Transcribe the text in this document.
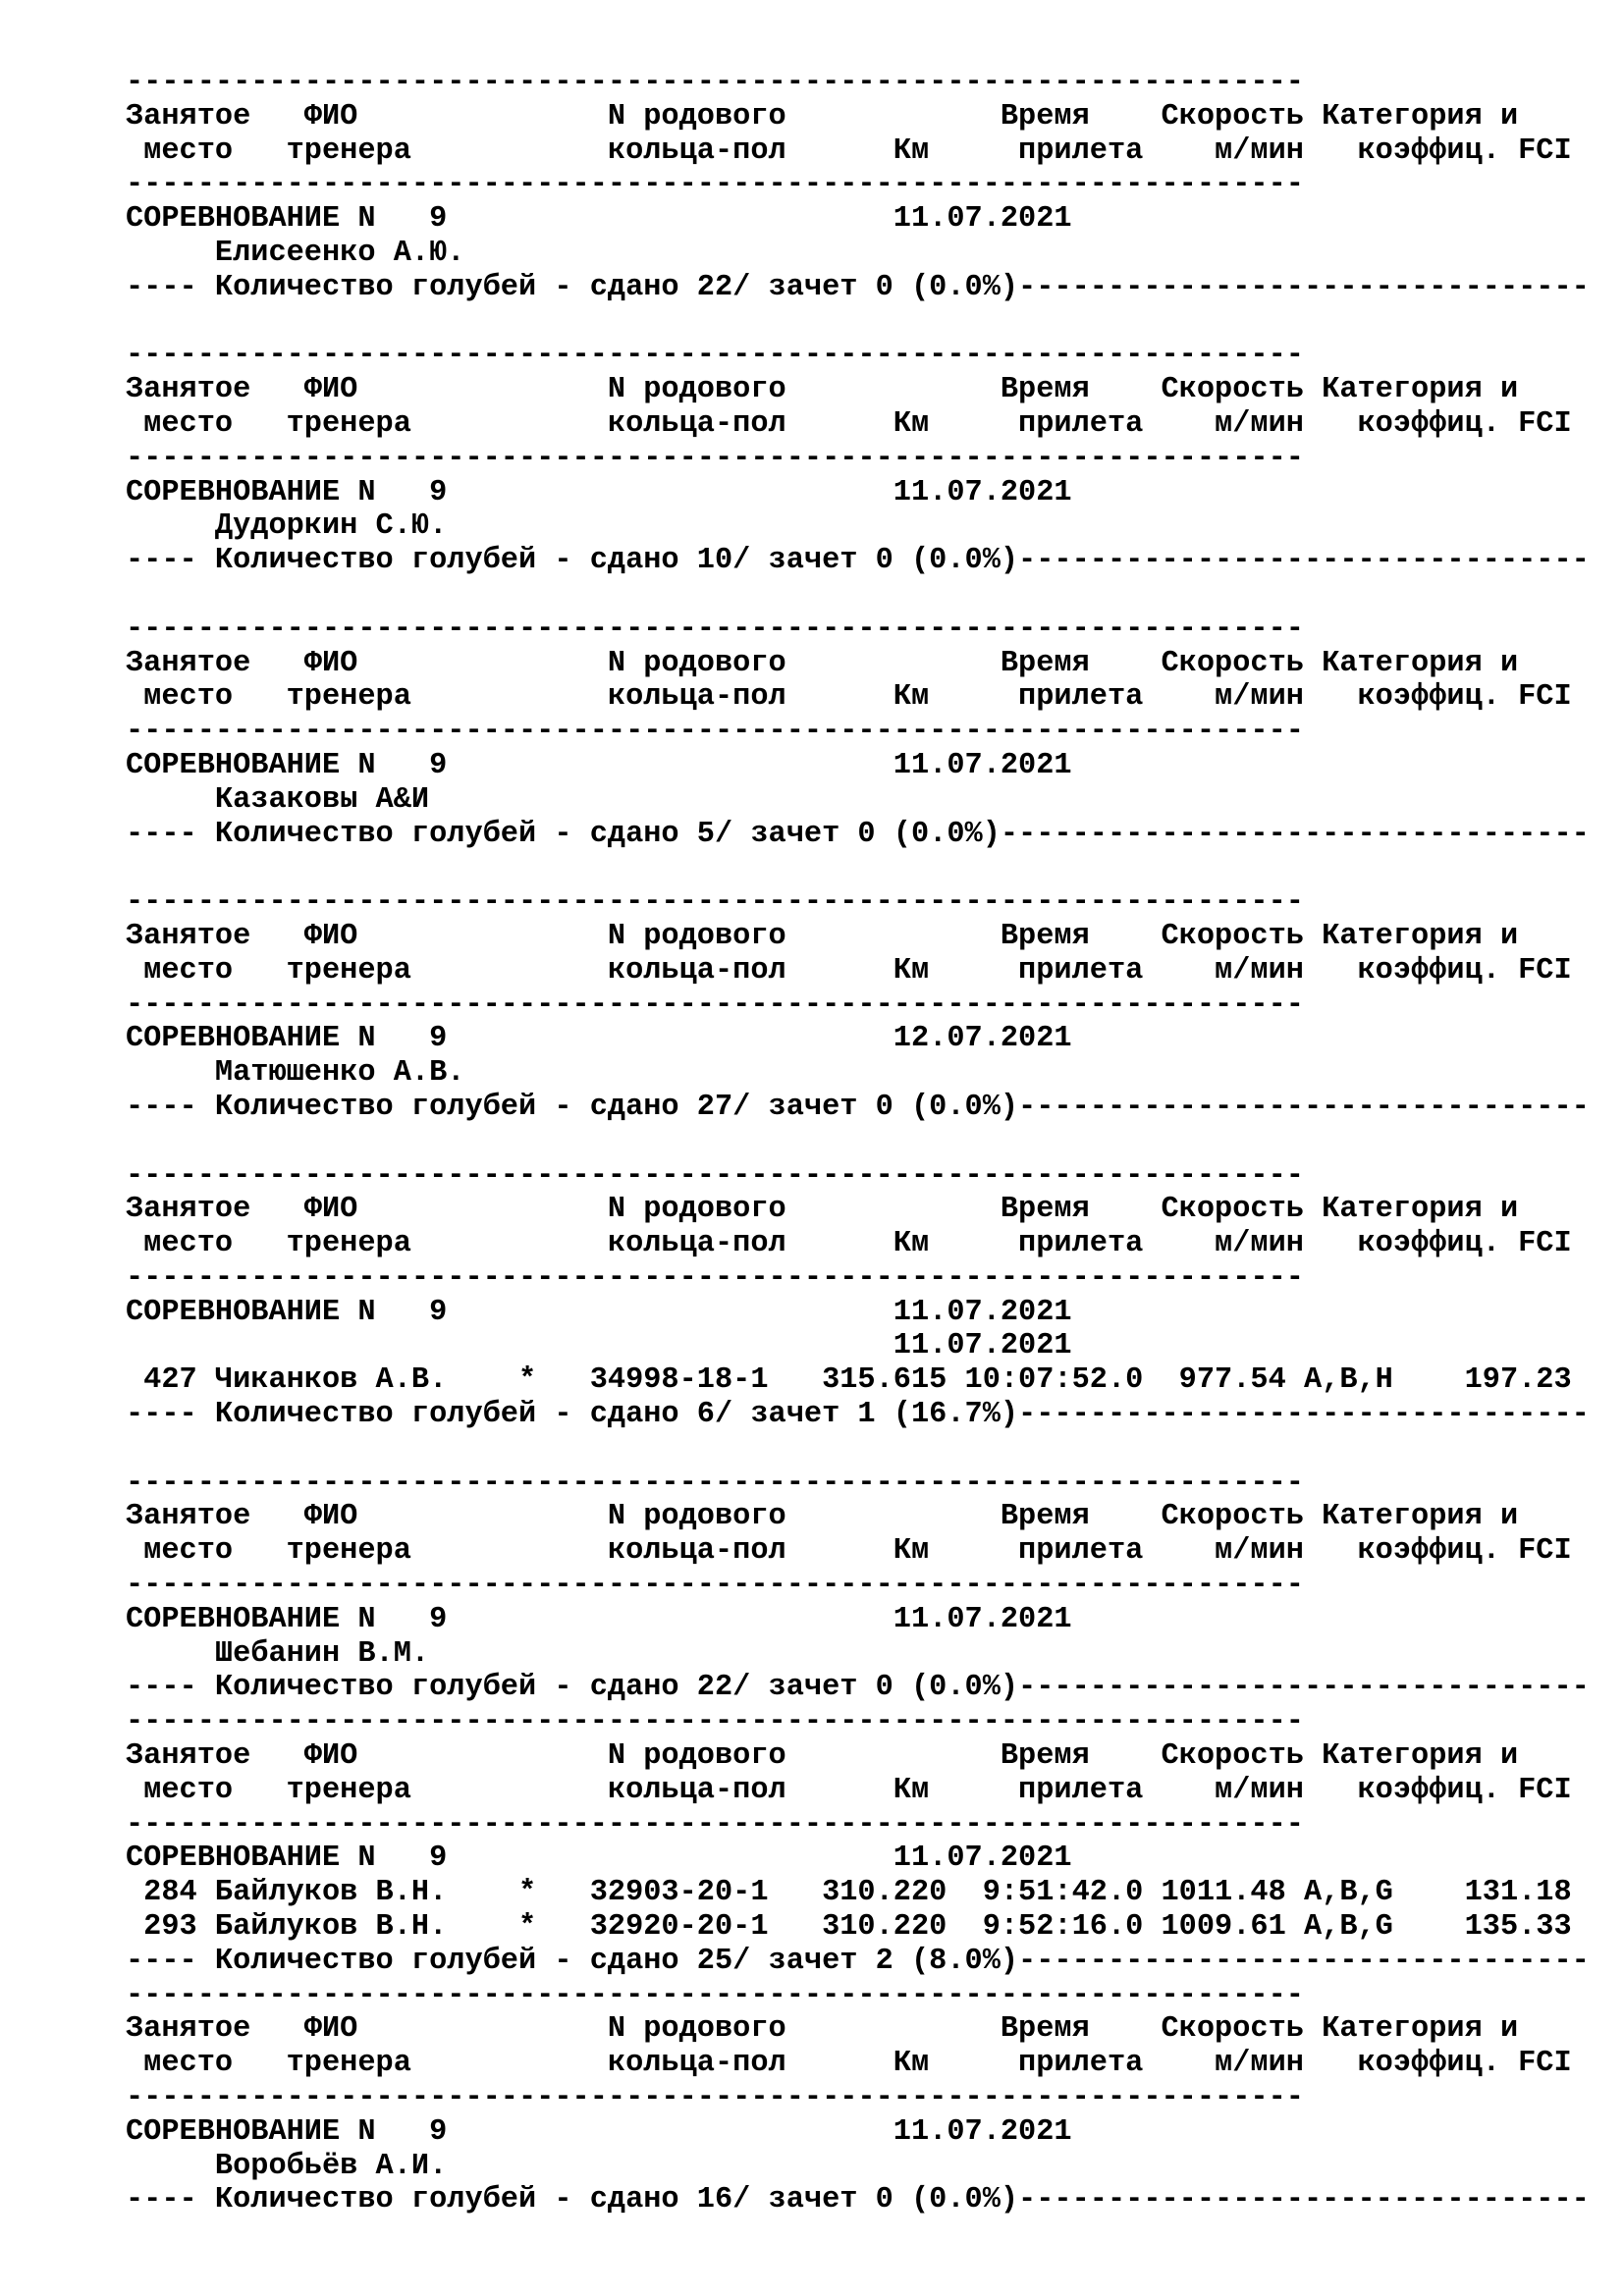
------------------------------------------------------------------
Занятое   ФИО              N родового            Время    Скорость Категория и
место   тренера           кольца-пол      Км     прилета    м/мин   коэффиц. FCI
------------------------------------------------------------------
СОРЕВНОВАНИЕ N   9                         11.07.2021
Елисеенко А.Ю.
---- Количество голубей - сдано 22/ зачет 0 (0.0%)--------------------------------
------------------------------------------------------------------
Занятое   ФИО              N родового            Время    Скорость Категория и
место   тренера           кольца-пол      Км     прилета    м/мин   коэффиц. FCI
------------------------------------------------------------------
СОРЕВНОВАНИЕ N   9                         11.07.2021
Дудоркин С.Ю.
---- Количество голубей - сдано 10/ зачет 0 (0.0%)--------------------------------
------------------------------------------------------------------
Занятое   ФИО              N родового            Время    Скорость Категория и
место   тренера           кольца-пол      Км     прилета    м/мин   коэффиц. FCI
------------------------------------------------------------------
СОРЕВНОВАНИЕ N   9                         11.07.2021
Казаковы А&И
---- Количество голубей - сдано 5/ зачет 0 (0.0%)---------------------------------
------------------------------------------------------------------
Занятое   ФИО              N родового            Время    Скорость Категория и
место   тренера           кольца-пол      Км     прилета    м/мин   коэффиц. FCI
------------------------------------------------------------------
СОРЕВНОВАНИЕ N   9                         12.07.2021
Матюшенко А.В.
---- Количество голубей - сдано 27/ зачет 0 (0.0%)--------------------------------
------------------------------------------------------------------
Занятое   ФИО              N родового            Время    Скорость Категория и
место   тренера           кольца-пол      Км     прилета    м/мин   коэффиц. FCI
------------------------------------------------------------------
СОРЕВНОВАНИЕ N   9                         11.07.2021
11.07.2021
427 Чиканков А.В.    *   34998-18-1   315.615 10:07:52.0  977.54 A,B,H    197.23
---- Количество голубей - сдано 6/ зачет 1 (16.7%)--------------------------------
------------------------------------------------------------------
Занятое   ФИО              N родового            Время    Скорость Категория и
место   тренера           кольца-пол      Км     прилета    м/мин   коэффиц. FCI
------------------------------------------------------------------
СОРЕВНОВАНИЕ N   9                         11.07.2021
Шебанин В.М.
---- Количество голубей - сдано 22/ зачет 0 (0.0%)--------------------------------
------------------------------------------------------------------
Занятое   ФИО              N родового            Время    Скорость Категория и
место   тренера           кольца-пол      Км     прилета    м/мин   коэффиц. FCI
------------------------------------------------------------------
СОРЕВНОВАНИЕ N   9                         11.07.2021
284 Байлуков В.Н.    *   32903-20-1   310.220  9:51:42.0 1011.48 A,B,G    131.18
293 Байлуков В.Н.    *   32920-20-1   310.220  9:52:16.0 1009.61 A,B,G    135.33
---- Количество голубей - сдано 25/ зачет 2 (8.0%)--------------------------------
------------------------------------------------------------------
Занятое   ФИО              N родового            Время    Скорость Категория и
место   тренера           кольца-пол      Км     прилета    м/мин   коэффиц. FCI
------------------------------------------------------------------
СОРЕВНОВАНИЕ N   9                         11.07.2021
Воробьёв А.И.
---- Количество голубей - сдано 16/ зачет 0 (0.0%)--------------------------------
